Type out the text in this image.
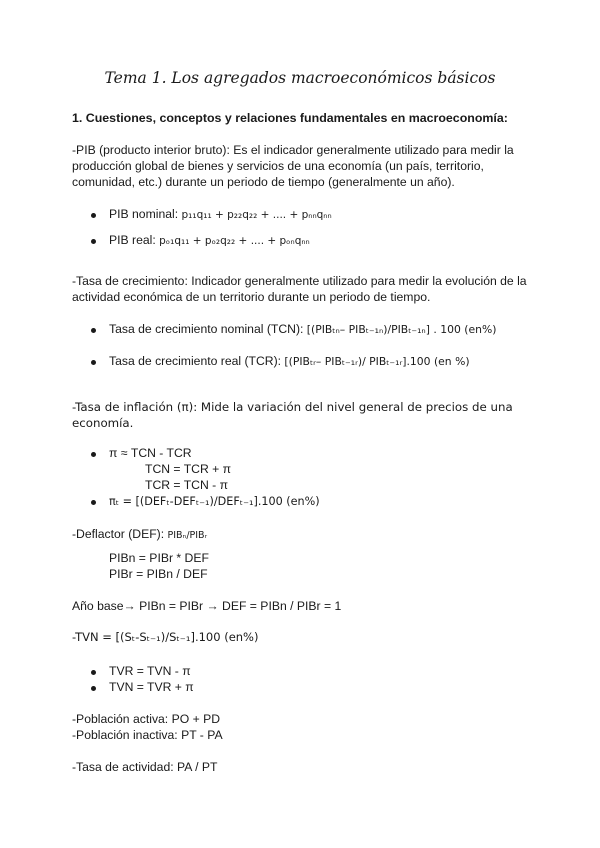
Tema 1. Los agregados macroeconómicos básicos
1. Cuestiones, conceptos y relaciones fundamentales en macroeconomía:
-PIB (producto interior bruto): Es el indicador generalmente utilizado para medir la
producción global de bienes y servicios de una economía (un país, territorio,
comunidad, etc.) durante un periodo de tiempo (generalmente un año).
PIB nominal: p₁₁q₁₁ + p₂₂q₂₂ + .... + pₙₙqₙₙ
PIB real: pₒ₁q₁₁ + pₒ₂q₂₂ + .... + pₒₙqₙₙ
-Tasa de crecimiento: Indicador generalmente utilizado para medir la evolución de la
actividad económica de un territorio durante un periodo de tiempo.
Tasa de crecimiento nominal (TCN): [(PIBₜₙ– PIBₜ₋₁ₙ)/PIBₜ₋₁ₙ] . 100 (en%)
Tasa de crecimiento real (TCR): [(PIBₜᵣ– PIBₜ₋₁ᵣ)/ PIBₜ₋₁ᵣ].100 (en %)
-Tasa de inflación (π): Mide la variación del nivel general de precios de una
economía.
π ≈ TCN - TCR
TCN = TCR + π
TCR = TCN - π
πₜ = [(DEFₜ-DEFₜ₋₁)/DEFₜ₋₁].100 (en%)
-Deflactor (DEF): PIBₙ/PIBᵣ
PIBn = PIBr * DEF
PIBr = PIBn / DEF
Año base→ PIBn = PIBr → DEF = PIBn / PIBr = 1
-TVN = [(Sₜ-Sₜ₋₁)/Sₜ₋₁].100 (en%)
TVR = TVN - π
TVN = TVR + π
-Población activa: PO + PD
-Población inactiva: PT - PA
-Tasa de actividad: PA / PT
